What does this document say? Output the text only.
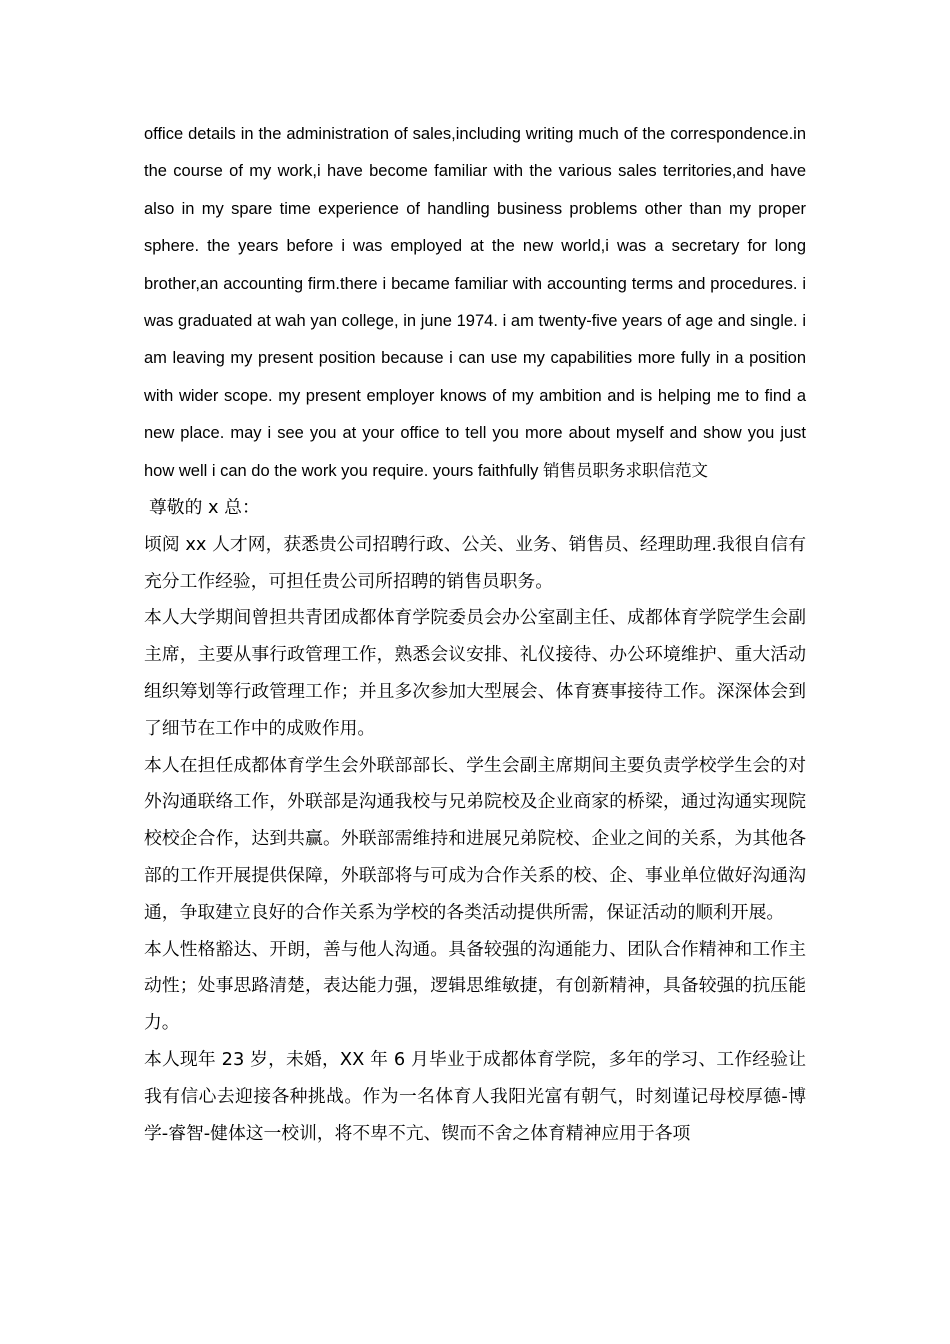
office details in the administration of sales,including writing much of the correspondence.in the course of my work,i have become familiar with the various sales territories,and have also in my spare time experience of handling business problems other than my proper sphere. the years before i was employed at the new world,i was a secretary for long brother,an accounting firm.there i became familiar with accounting terms and procedures. i was graduated at wah yan college, in june 1974. i am twenty-five years of age and single. i am leaving my present position because i can use my capabilities more fully in a position with wider scope. my present employer knows of my ambition and is helping me to find a new place. may i see you at your office to tell you more about myself and show you just how well i can do the work you require. yours faithfully 销售员职务求职信范文

尊敬的 x 总：

顷阅 xx 人才网，获悉贵公司招聘行政、公关、业务、销售员、经理助理.我很自信有充分工作经验，可担任贵公司所招聘的销售员职务。

本人大学期间曾担共青团成都体育学院委员会办公室副主任、成都体育学院学生会副主席，主要从事行政管理工作，熟悉会议安排、礼仪接待、办公环境维护、重大活动组织筹划等行政管理工作；并且多次参加大型展会、体育赛事接待工作。深深体会到了细节在工作中的成败作用。

本人在担任成都体育学生会外联部部长、学生会副主席期间主要负责学校学生会的对外沟通联络工作，外联部是沟通我校与兄弟院校及企业商家的桥梁，通过沟通实现院校校企合作，达到共赢。外联部需维持和进展兄弟院校、企业之间的关系，为其他各部的工作开展提供保障，外联部将与可成为合作关系的校、企、事业单位做好沟通沟通，争取建立良好的合作关系为学校的各类活动提供所需，保证活动的顺利开展。

本人性格豁达、开朗，善与他人沟通。具备较强的沟通能力、团队合作精神和工作主动性；处事思路清楚，表达能力强，逻辑思维敏捷，有创新精神，具备较强的抗压能力。

本人现年 23 岁，未婚，XX 年 6 月毕业于成都体育学院，多年的学习、工作经验让我有信心去迎接各种挑战。作为一名体育人我阳光富有朝气，时刻谨记母校厚德-博学-睿智-健体这一校训，将不卑不亢、锲而不舍之体育精神应用于各项
